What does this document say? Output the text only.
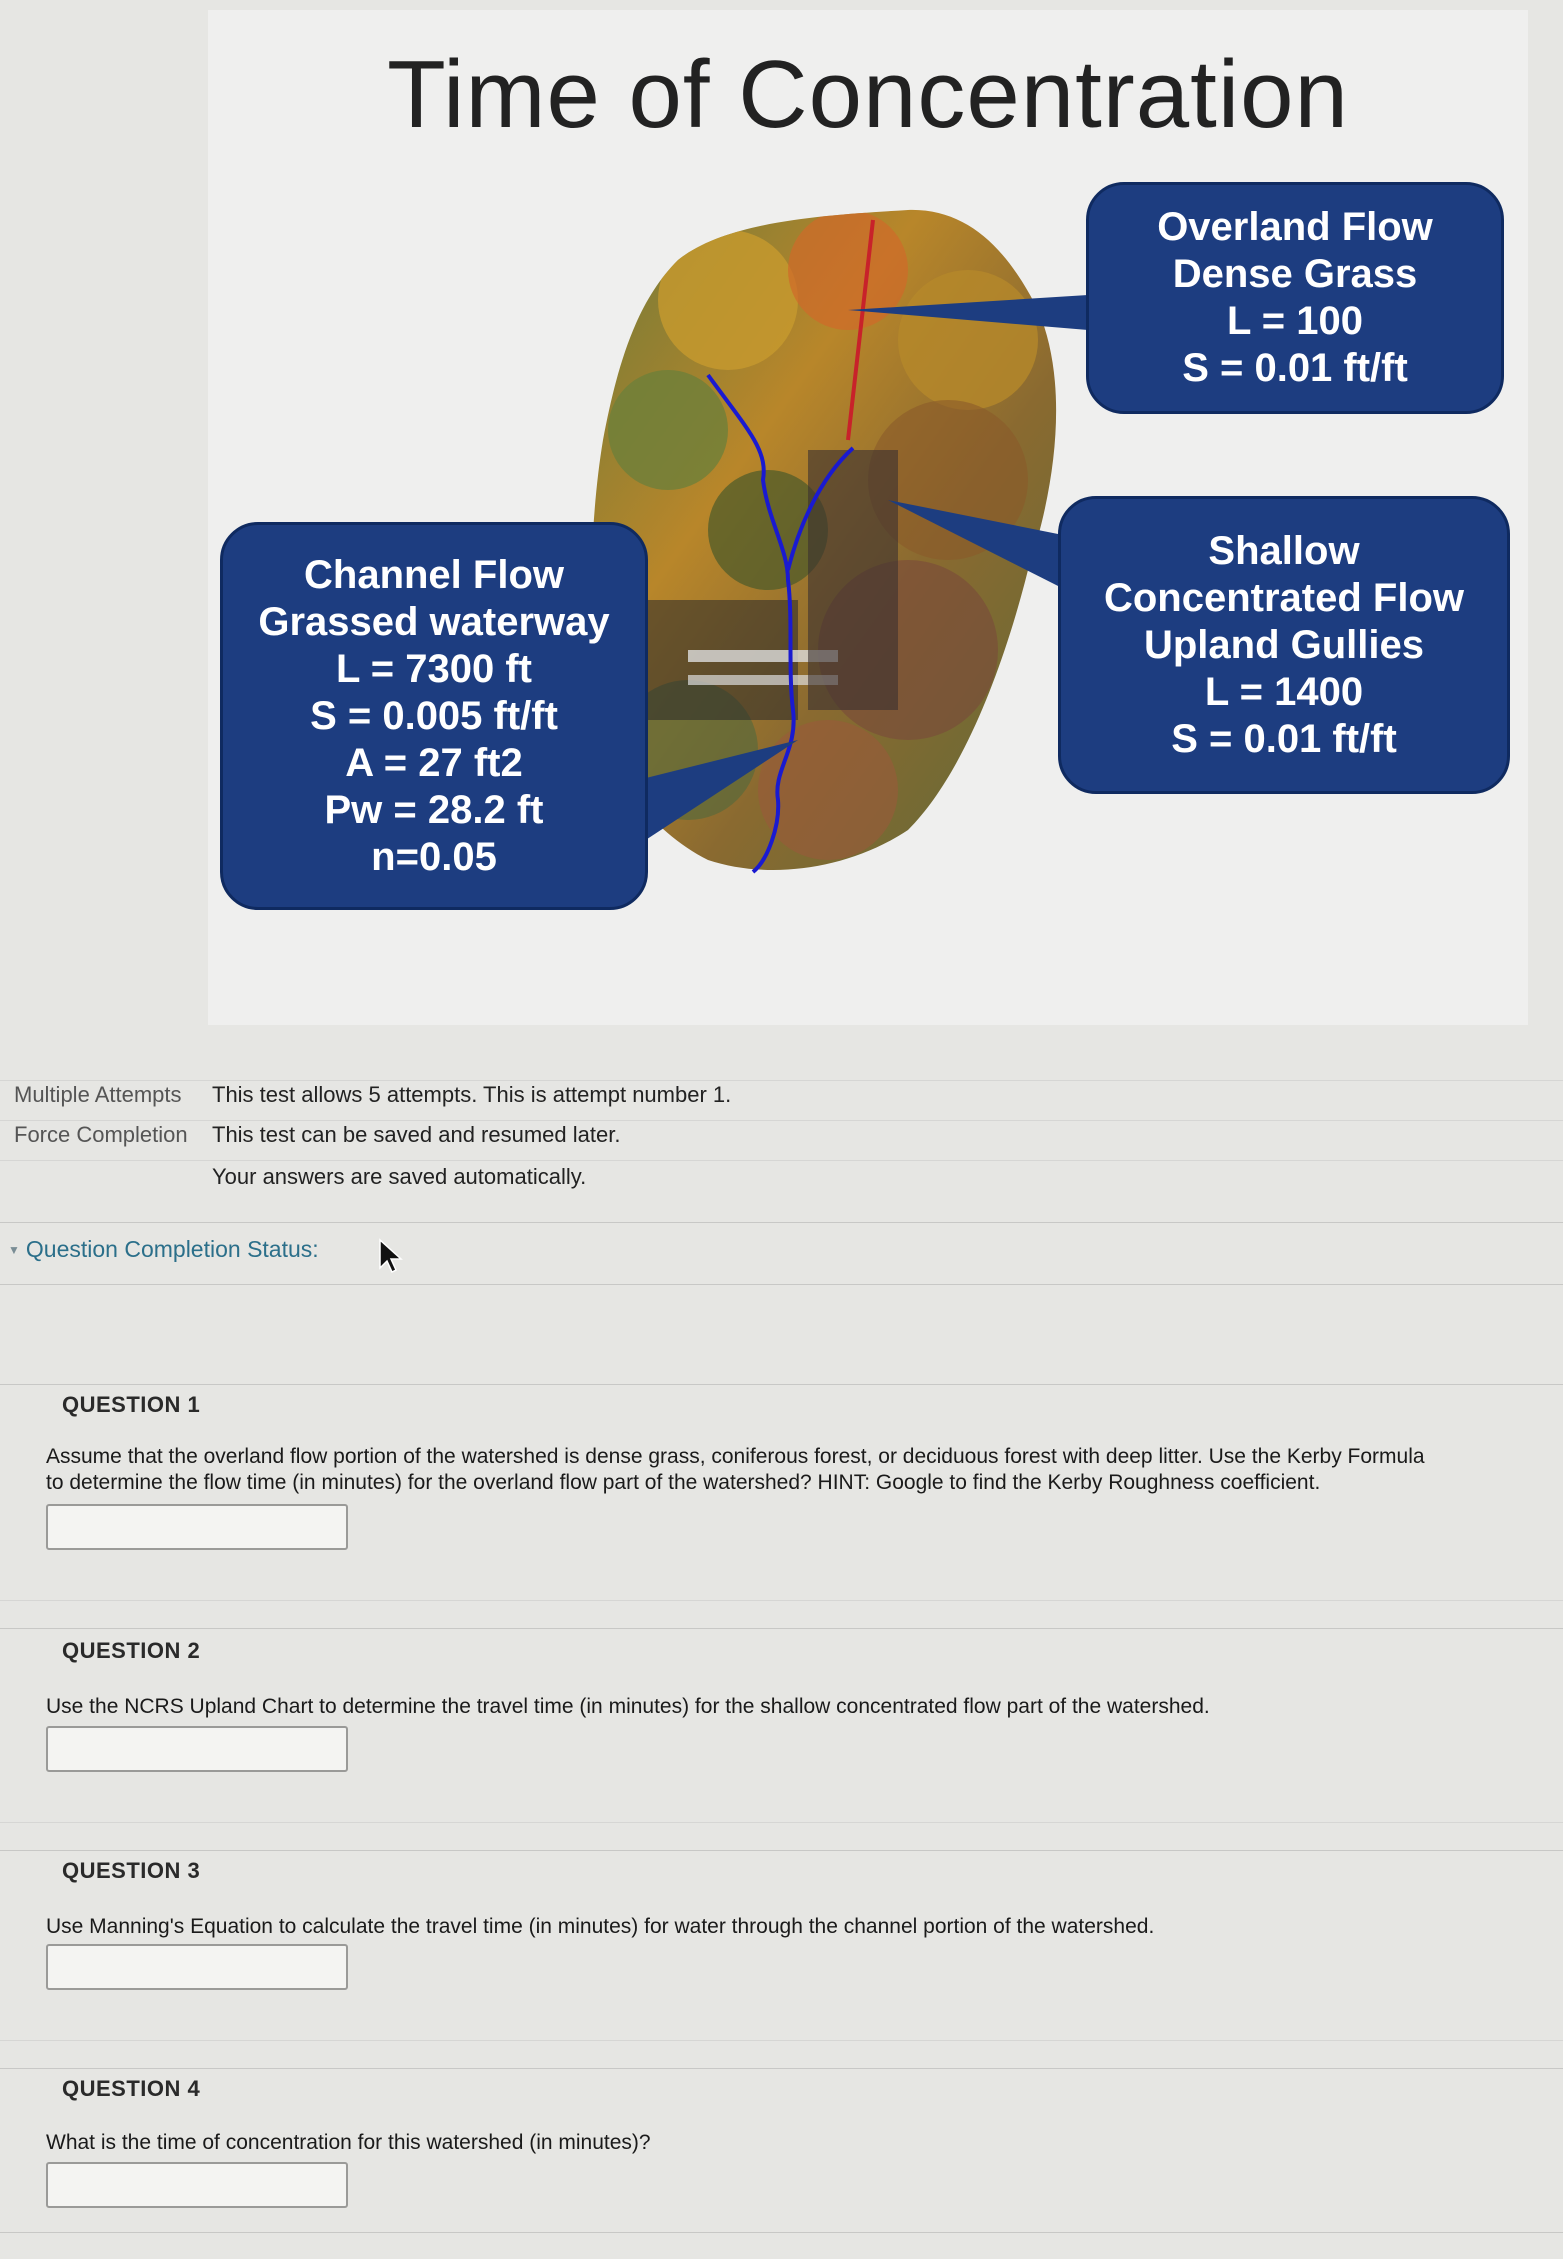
Time of Concentration
Overland Flow
Dense Grass
L = 100
S = 0.01 ft/ft
Shallow
Concentrated Flow
Upland Gullies
L = 1400
S = 0.01 ft/ft
Channel Flow
Grassed waterway
L = 7300 ft
S = 0.005 ft/ft
A = 27 ft2
Pw = 28.2 ft
n=0.05
Multiple Attempts This test allows 5 attempts. This is attempt number 1.
Force Completion This test can be saved and resumed later.
Your answers are saved automatically.
▼ Question Completion Status:
QUESTION 1
Assume that the overland flow portion of the watershed is dense grass, coniferous forest, or deciduous forest with deep litter. Use the Kerby Formula
to determine the flow time (in minutes) for the overland flow part of the watershed? HINT: Google to find the Kerby Roughness coefficient.
QUESTION 2
Use the NCRS Upland Chart to determine the travel time (in minutes) for the shallow concentrated flow part of the watershed.
QUESTION 3
Use Manning's Equation to calculate the travel time (in minutes) for water through the channel portion of the watershed.
QUESTION 4
What is the time of concentration for this watershed (in minutes)?
